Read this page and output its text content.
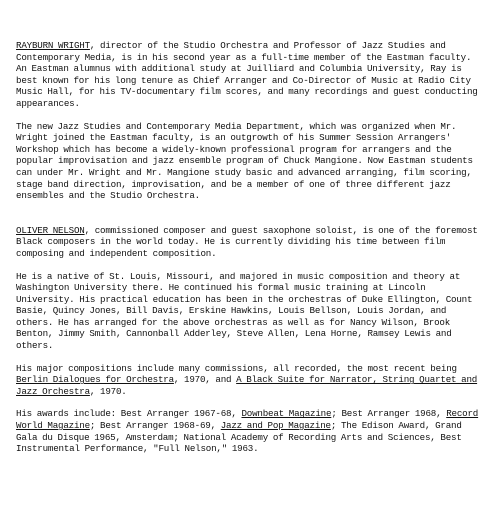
RAYBURN WRIGHT, director of the Studio Orchestra and Professor of Jazz Studies and Contemporary Media, is in his second year as a full-time member of the Eastman faculty. An Eastman alumnus with additional study at Juilliard and Columbia University, Ray is best known for his long tenure as Chief Arranger and Co-Director of Music at Radio City Music Hall, for his TV-documentary film scores, and many recordings and guest conducting appearances.

The new Jazz Studies and Contemporary Media Department, which was organized when Mr. Wright joined the Eastman faculty, is an outgrowth of his Summer Session Arrangers' Workshop which has become a widely-known professional program for arrangers and the popular improvisation and jazz ensemble program of Chuck Mangione. Now Eastman students can under Mr. Wright and Mr. Mangione study basic and advanced arranging, film scoring, stage band direction, improvisation, and be a member of one of three different jazz ensembles and the Studio Orchestra.

OLIVER NELSON, commissioned composer and guest saxophone soloist, is one of the foremost Black composers in the world today. He is currently dividing his time between film composing and independent composition.

He is a native of St. Louis, Missouri, and majored in music composition and theory at Washington University there. He continued his formal music training at Lincoln University. His practical education has been in the orchestras of Duke Ellington, Count Basie, Quincy Jones, Bill Davis, Erskine Hawkins, Louis Bellson, Louis Jordan, and others. He has arranged for the above orchestras as well as for Nancy Wilson, Brook Benton, Jimmy Smith, Cannonball Adderley, Steve Allen, Lena Horne, Ramsey Lewis and others.

His major compositions include many commissions, all recorded, the most recent being Berlin Dialogues for Orchestra, 1970, and A Black Suite for Narrator, String Quartet and Jazz Orchestra, 1970.

His awards include: Best Arranger 1967-68, Downbeat Magazine; Best Arranger 1968, Record World Magazine; Best Arranger 1968-69, Jazz and Pop Magazine; The Edison Award, Grand Gala du Disque 1965, Amsterdam; National Academy of Recording Arts and Sciences, Best Instrumental Performance, "Full Nelson," 1963.
